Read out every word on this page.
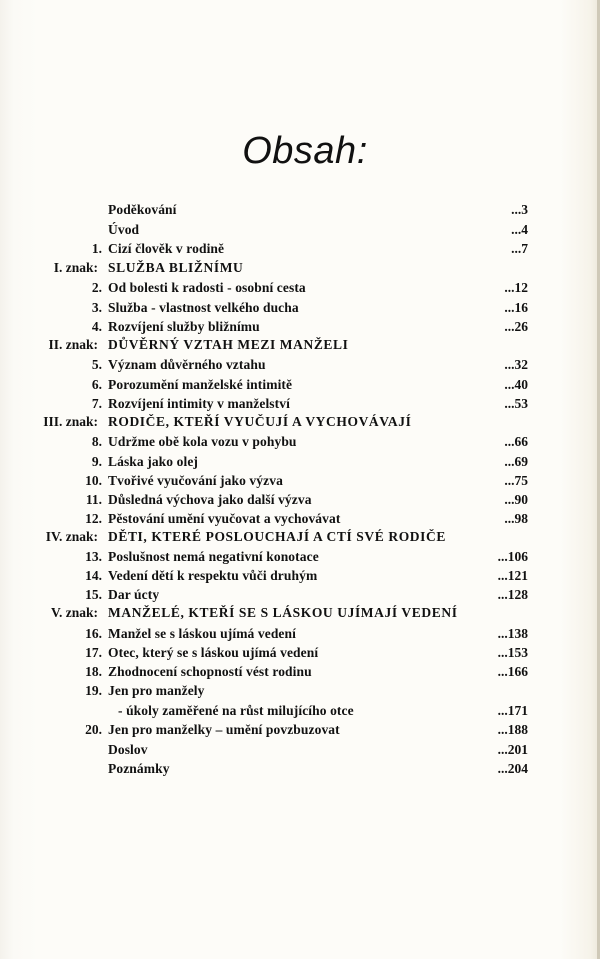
Obsah:
Poděkování	...3
Úvod	...4
1. Cizí člověk v rodině	...7
I. znak: SLUŽBA BLIŽNÍMU
2. Od bolesti k radosti - osobní cesta	...12
3. Služba - vlastnost velkého ducha	...16
4. Rozvíjení služby bližnímu	...26
II. znak: DŮVĚRNÝ VZTAH MEZI MANŽELI
5. Význam důvěrného vztahu	...32
6. Porozumění manželské intimitě	...40
7. Rozvíjení intimity v manželství	...53
III. znak: RODIČE, KTEŘÍ VYUČUJÍ A VYCHOVÁVAJÍ
8. Udržme obě kola vozu v pohybu	...66
9. Láska jako olej	...69
10. Tvořivé vyučování jako výzva	...75
11. Důsledná výchova jako další výzva	...90
12. Pěstování umění vyučovat a vychovávat	...98
IV. znak: DĚTI, KTERÉ POSLOUCHAJÍ A CTÍ SVÉ RODIČE
13. Poslušnost nemá negativní konotace	...106
14. Vedení dětí k respektu vůči druhým	...121
15. Dar úcty	...128
V. znak: MANŽELÉ, KTEŘÍ SE S LÁSKOU UJÍMAJÍ VEDENÍ
16. Manžel se s láskou ujímá vedení	...138
17. Otec, který se s láskou ujímá vedení	...153
18. Zhodnocení schopností vést rodinu	...166
19. Jen pro manžely
- úkoly zaměřené na růst milujícího otce	...171
20. Jen pro manželky – umění povzbuzovat	...188
Doslov	...201
Poznámky	...204
